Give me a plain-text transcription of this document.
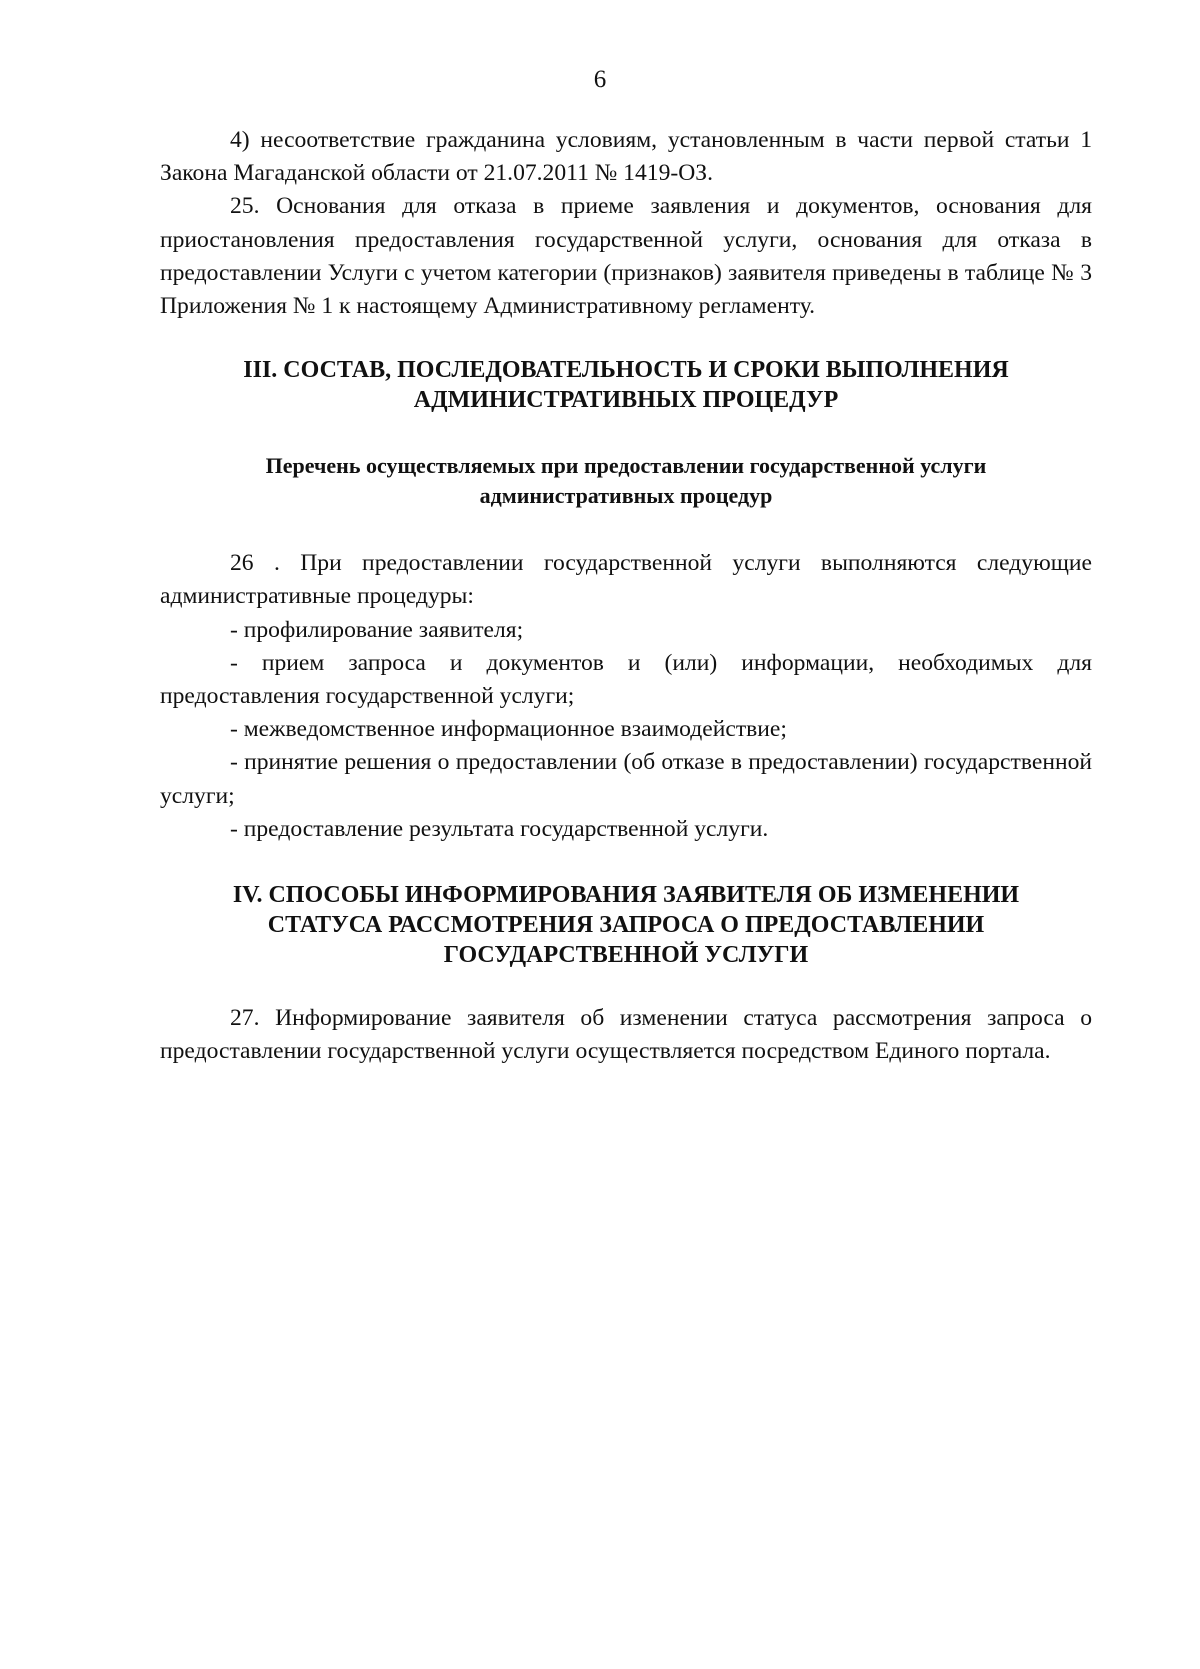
6

4) несоответствие гражданина условиям, установленным в части первой статьи 1 Закона Магаданской области от 21.07.2011 № 1419-ОЗ.

25. Основания для отказа в приеме заявления и документов, основания для приостановления предоставления государственной услуги, основания для отказа в предоставлении Услуги с учетом категории (признаков) заявителя приведены в таблице № 3 Приложения № 1 к настоящему Административному регламенту.

III. СОСТАВ, ПОСЛЕДОВАТЕЛЬНОСТЬ И СРОКИ ВЫПОЛНЕНИЯ

АДМИНИСТРАТИВНЫХ ПРОЦЕДУР

Перечень осуществляемых при предоставлении государственной услуги

административных процедур

26 . При предоставлении государственной услуги выполняются следующие административные процедуры:

- профилирование заявителя;

- прием запроса и документов и (или) информации, необходимых для предоставления государственной услуги;

- межведомственное информационное взаимодействие;

- принятие решения о предоставлении (об отказе в предоставлении) государственной услуги;

- предоставление результата государственной услуги.

IV. СПОСОБЫ ИНФОРМИРОВАНИЯ ЗАЯВИТЕЛЯ ОБ ИЗМЕНЕНИИ

СТАТУСА РАССМОТРЕНИЯ ЗАПРОСА О ПРЕДОСТАВЛЕНИИ

ГОСУДАРСТВЕННОЙ УСЛУГИ

27. Информирование заявителя об изменении статуса рассмотрения запроса о предоставлении государственной услуги осуществляется посредством Единого портала.
